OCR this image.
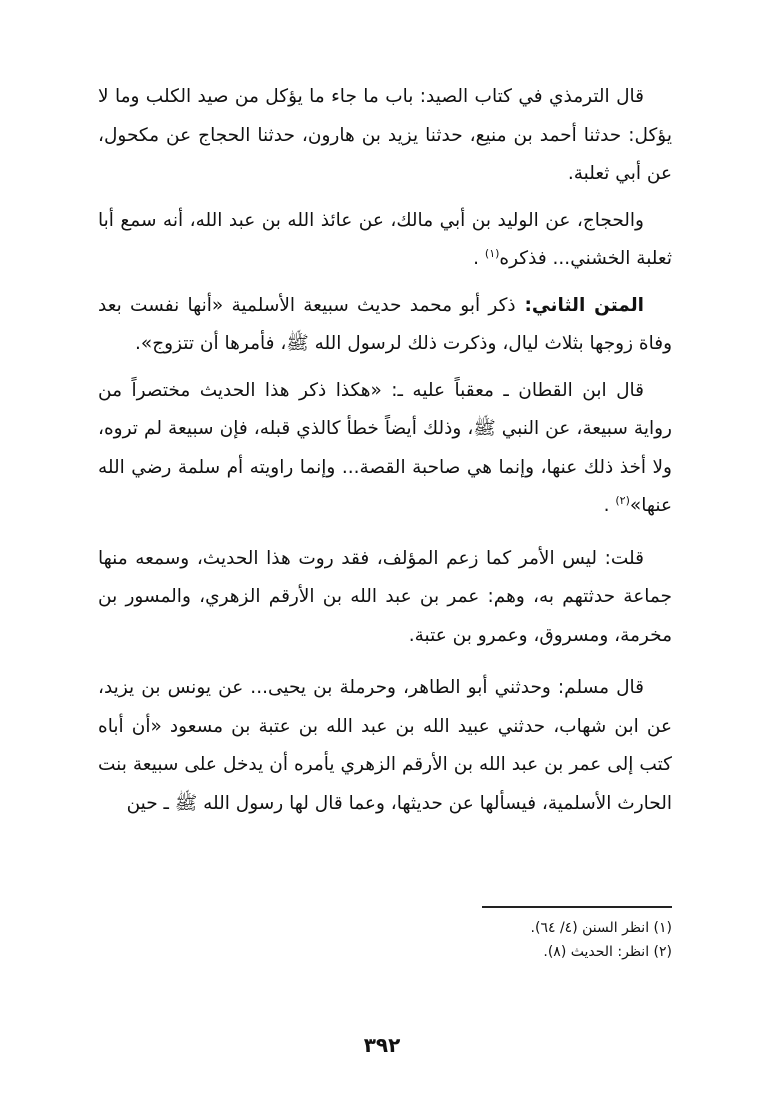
قال الترمذي في كتاب الصيد: باب ما جاء ما يؤكل من صيد الكلب وما لا يؤكل: حدثنا أحمد بن منيع، حدثنا يزيد بن هارون، حدثنا الحجاج عن مكحول، عن أبي ثعلبة.

والحجاج، عن الوليد بن أبي مالك، عن عائذ الله بن عبد الله، أنه سمع أبا ثعلبة الخشني... فذكره$^{(١)}$ .

المتن الثاني: ذكر أبو محمد حديث سبيعة الأسلمية «أنها نفست بعد وفاة زوجها بثلاث ليال، وذكرت ذلك لرسول الله ﷺ، فأمرها أن تتزوج».

قال ابن القطان ـ معقباً عليه ـ: «هكذا ذكر هذا الحديث مختصراً من رواية سبيعة، عن النبي ﷺ، وذلك أيضاً خطأ كالذي قبله، فإن سبيعة لم تروه، ولا أخذ ذلك عنها، وإنما هي صاحبة القصة... وإنما راويته أم سلمة رضي الله عنها»$^{(٢)}$ .

قلت: ليس الأمر كما زعم المؤلف، فقد روت هذا الحديث، وسمعه منها جماعة حدثتهم به، وهم: عمر بن عبد الله بن الأرقم الزهري، والمسور بن مخرمة، ومسروق، وعمرو بن عتبة.

قال مسلم: وحدثني أبو الطاهر، وحرملة بن يحيى... عن يونس بن يزيد، عن ابن شهاب، حدثني عبيد الله بن عبد الله بن عتبة بن مسعود «أن أباه كتب إلى عمر بن عبد الله بن الأرقم الزهري يأمره أن يدخل على سبيعة بنت الحارث الأسلمية، فيسألها عن حديثها، وعما قال لها رسول الله ﷺ ـ حين

(١) انظر السنن (٤/ ٦٤).

(٢) انظر: الحديث (٨).

٣٩٢
